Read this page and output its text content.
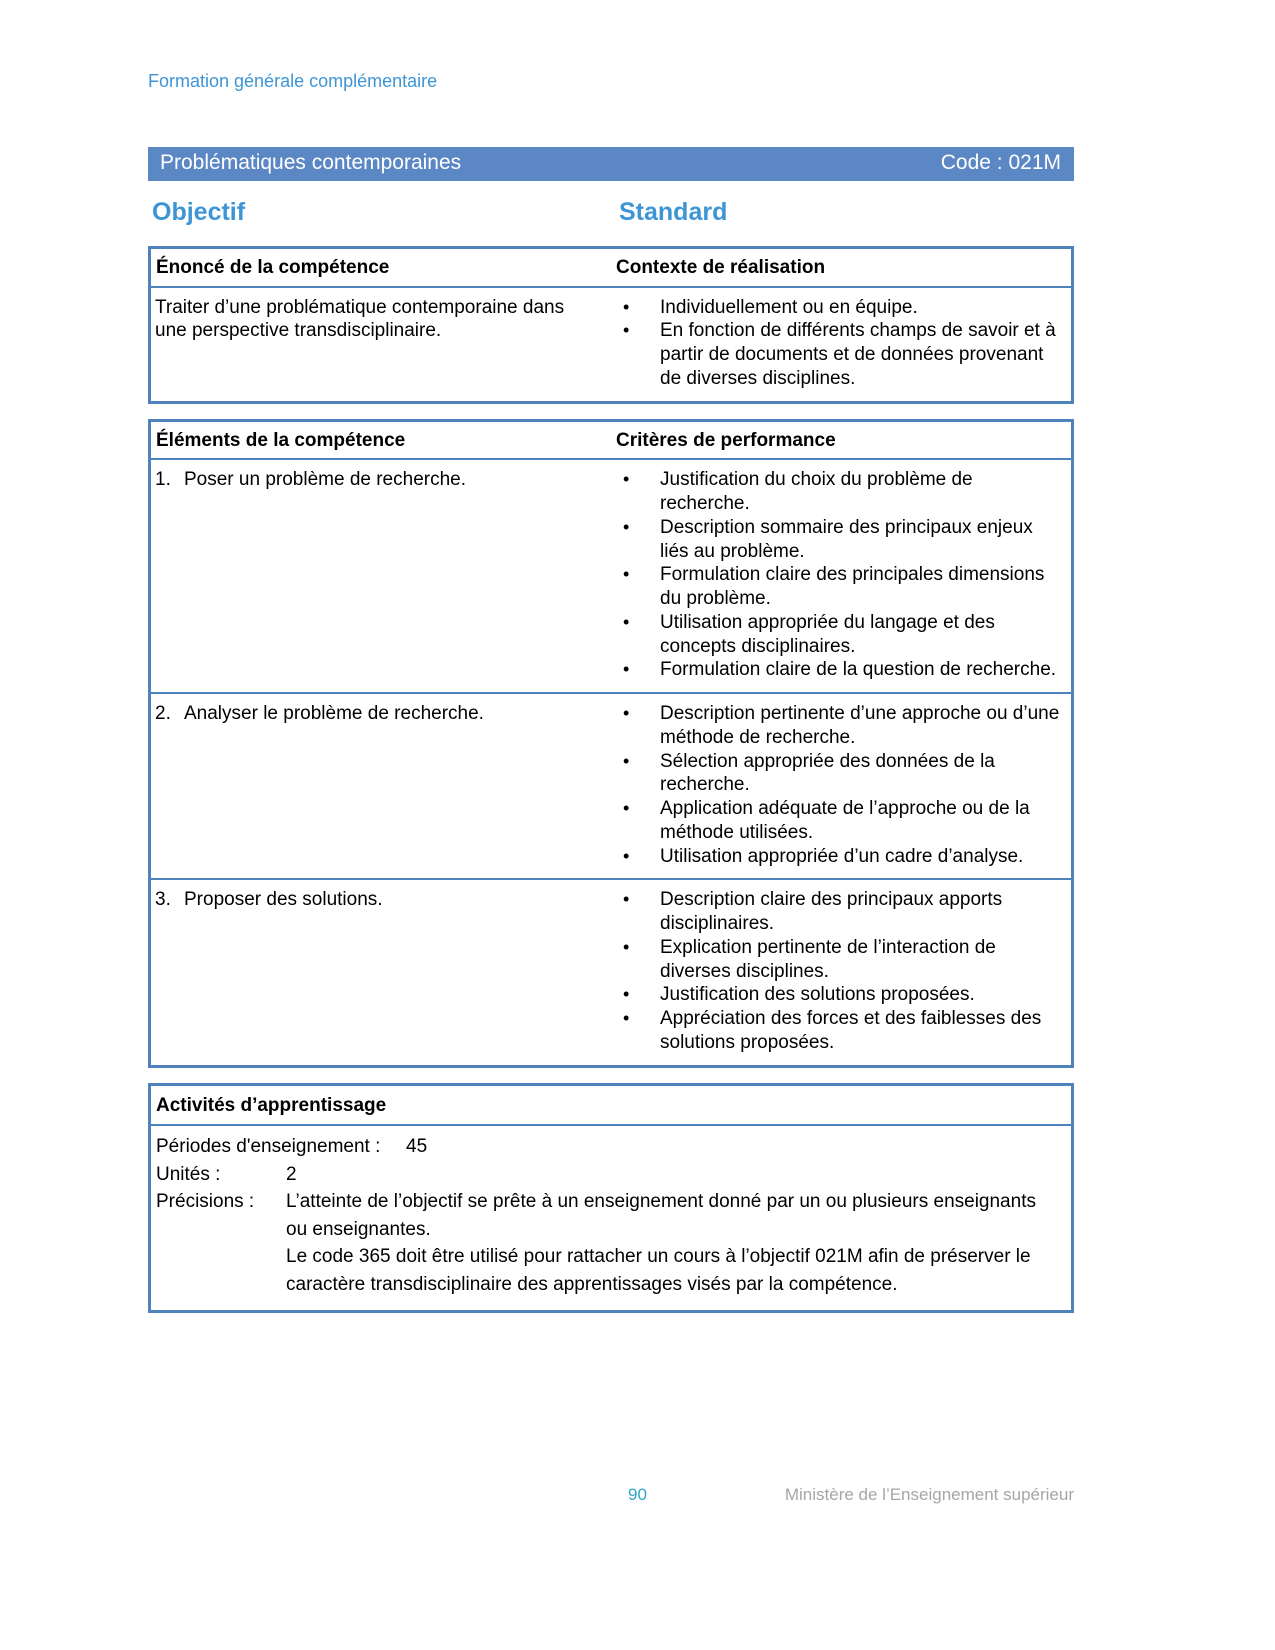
Formation générale complémentaire
Problématiques contemporaines	Code : 021M
Objectif	Standard
Énoncé de la compétence	Contexte de réalisation
Traiter d’une problématique contemporaine dans une perspective transdisciplinaire.
•	Individuellement ou en équipe.
•	En fonction de différents champs de savoir et à partir de documents et de données provenant de diverses disciplines.
Éléments de la compétence	Critères de performance
1. Poser un problème de recherche.	•	Justification du choix du problème de recherche.
•	Description sommaire des principaux enjeux liés au problème.
•	Formulation claire des principales dimensions du problème.
•	Utilisation appropriée du langage et des concepts disciplinaires.
•	Formulation claire de la question de recherche.
2. Analyser le problème de recherche.	•	Description pertinente d’une approche ou d’une méthode de recherche.
•	Sélection appropriée des données de la recherche.
•	Application adéquate de l’approche ou de la méthode utilisées.
•	Utilisation appropriée d’un cadre d’analyse.
3. Proposer des solutions.	•	Description claire des principaux apports disciplinaires.
•	Explication pertinente de l’interaction de diverses disciplines.
•	Justification des solutions proposées.
•	Appréciation des forces et des faiblesses des solutions proposées.
Activités d’apprentissage
Périodes d'enseignement :	45
Unités :	2
Précisions :	L’atteinte de l’objectif se prête à un enseignement donné par un ou plusieurs enseignants ou enseignantes.

Le code 365 doit être utilisé pour rattacher un cours à l’objectif 021M afin de préserver le caractère transdisciplinaire des apprentissages visés par la compétence.

90	Ministère de l’Enseignement supérieur
